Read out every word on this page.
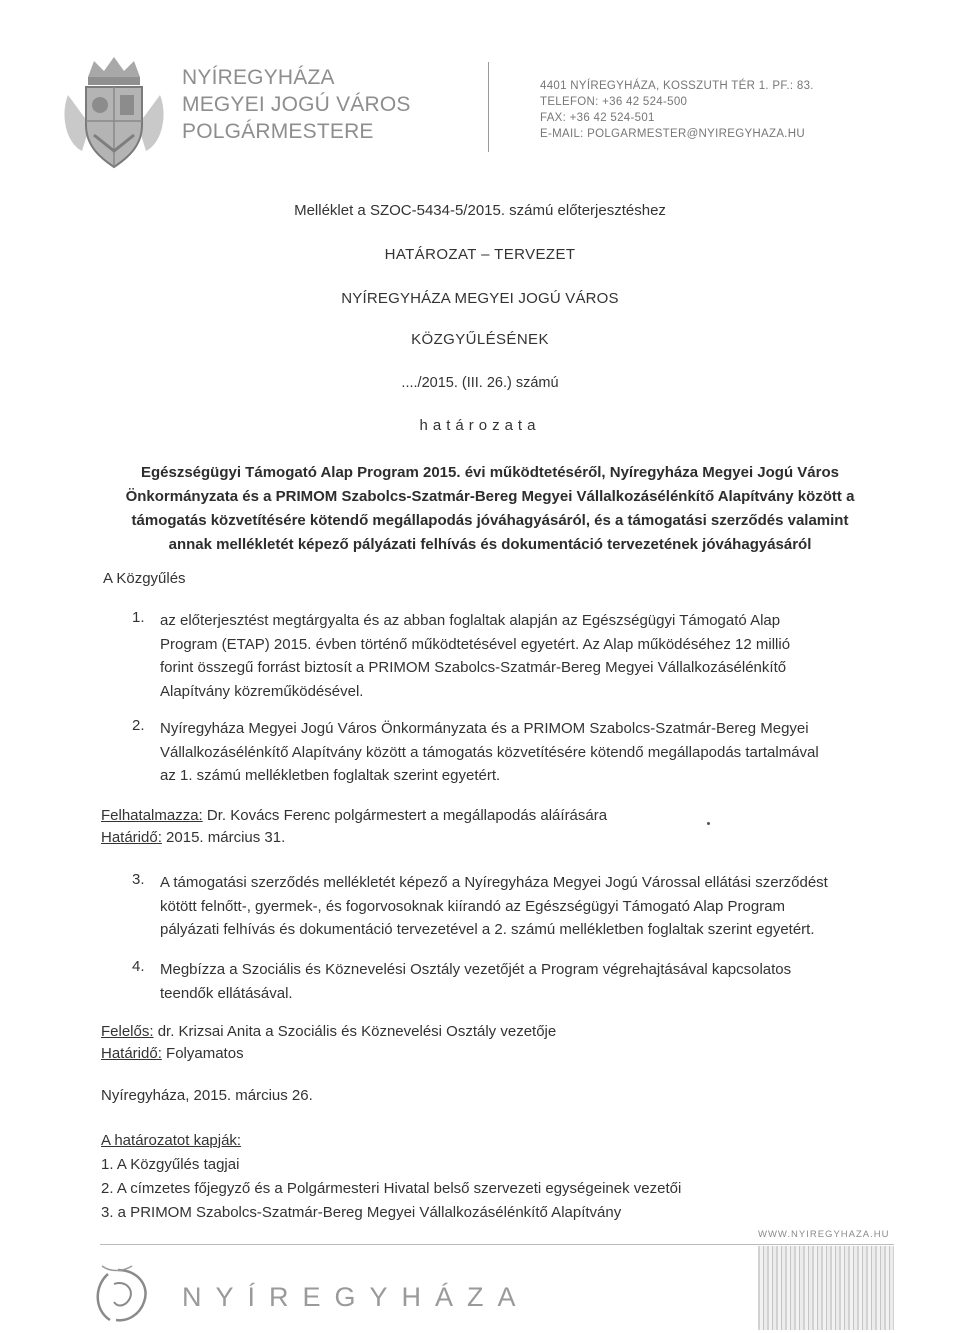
NYÍREGYHÁZA
MEGYEI JOGÚ VÁROS
POLGÁRMESTERE
4401 NYÍREGYHÁZA, KOSSZUTH TÉR 1. PF.: 83.
TELEFON: +36 42 524-500
FAX: +36 42 524-501
E-MAIL: POLGARMESTER@NYIREGYHAZA.HU
Melléklet a SZOC-5434-5/2015. számú előterjesztéshez
HATÁROZAT – TERVEZET
NYÍREGYHÁZA MEGYEI JOGÚ VÁROS
KÖZGYŰLÉSÉNEK
..../2015. (III. 26.) számú
határozata
Egészségügyi Támogató Alap Program 2015. évi működtetéséről, Nyíregyháza Megyei Jogú Város
Önkormányzata és a PRIMOM Szabolcs-Szatmár-Bereg Megyei Vállalkozásélénkítő Alapítvány között a
támogatás közvetítésére kötendő megállapodás jóváhagyásáról, és a támogatási szerződés valamint
annak mellékletét képező pályázati felhívás és dokumentáció tervezetének jóváhagyásáról
A Közgyűlés
1. az előterjesztést megtárgyalta és az abban foglaltak alapján az Egészségügyi Támogató Alap
Program (ETAP) 2015. évben történő működtetésével egyetért. Az Alap működéséhez 12 millió
forint összegű forrást biztosít a PRIMOM Szabolcs-Szatmár-Bereg Megyei Vállalkozásélénkítő
Alapítvány közreműködésével.
2. Nyíregyháza Megyei Jogú Város Önkormányzata és a PRIMOM Szabolcs-Szatmár-Bereg Megyei
Vállalkozásélénkítő Alapítvány között a támogatás közvetítésére kötendő megállapodás tartalmával
az 1. számú mellékletben foglaltak szerint egyetért.
Felhatalmazza: Dr. Kovács Ferenc polgármestert a megállapodás aláírására
Határidő: 2015. március 31.
3. A támogatási szerződés mellékletét képező a Nyíregyháza Megyei Jogú Várossal ellátási szerződést
kötött felnőtt-, gyermek-, és fogorvosoknak kiírandó az Egészségügyi Támogató Alap Program
pályázati felhívás és dokumentáció tervezetével a 2. számú mellékletben foglaltak szerint egyetért.
4. Megbízza a Szociális és Köznevelési Osztály vezetőjét a Program végrehajtásával kapcsolatos
teendők ellátásával.
Felelős: dr. Krizsai Anita a Szociális és Köznevelési Osztály vezetője
Határidő: Folyamatos
Nyíregyháza, 2015. március 26.
A határozatot kapják:
1. A Közgyűlés tagjai
2. A címzetes főjegyző és a Polgármesteri Hivatal belső szervezeti egységeinek vezetői
3. a PRIMOM Szabolcs-Szatmár-Bereg Megyei Vállalkozásélénkítő Alapítvány
WWW.NYIREGYHAZA.HU
NYÍREGYHÁZA
